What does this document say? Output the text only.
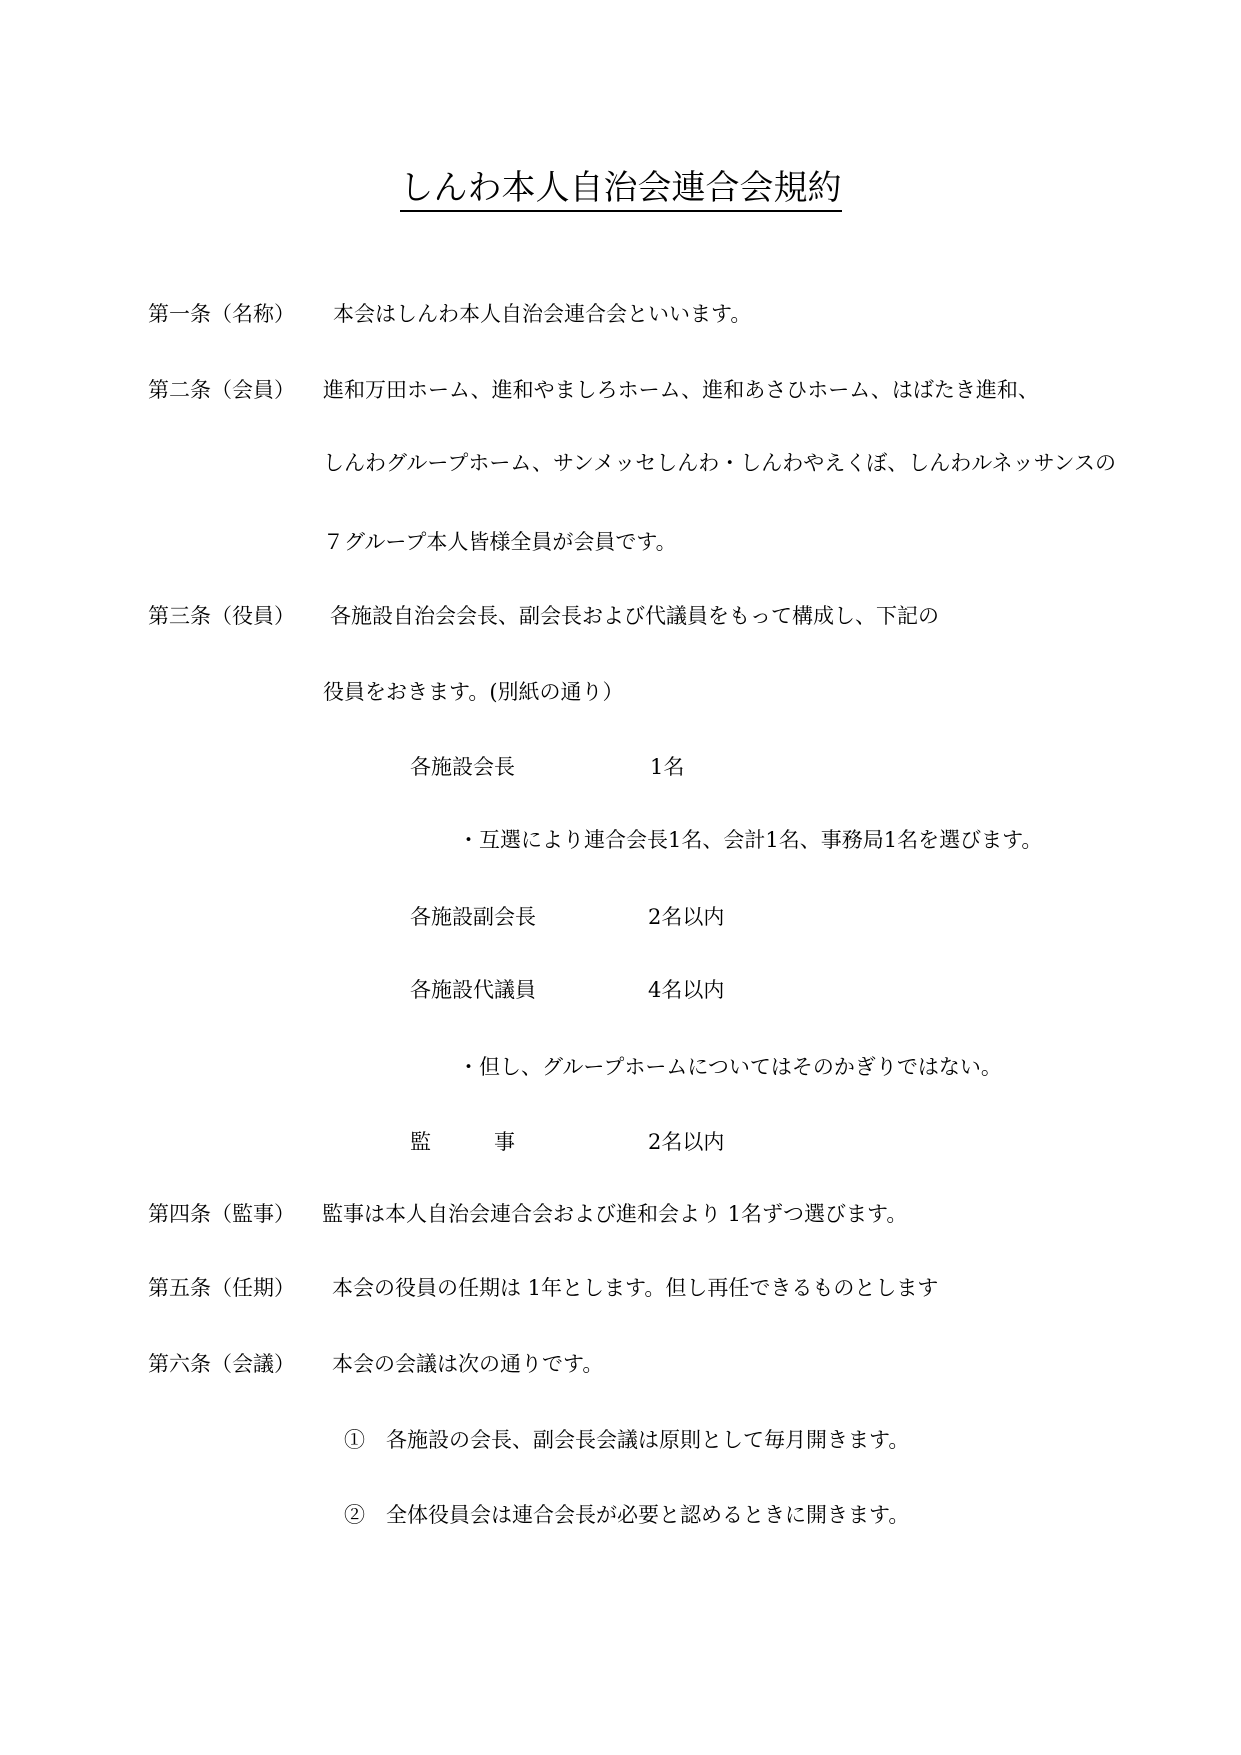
しんわ本人自治会連合会規約
第一条（名称） 本会はしんわ本人自治会連合会といいます。
第二条（会員） 進和万田ホーム、進和やましろホーム、進和あさひホーム、はばたき進和、
しんわグループホーム、サンメッセしんわ・しんわやえくぼ、しんわルネッサンスの
７グループ本人皆様全員が会員です。
第三条（役員） 各施設自治会会長、副会長および代議員をもって構成し、下記の
役員をおきます。(別紙の通り）
各施設会長	1名
・互選により連合会長1名、会計1名、事務局1名を選びます。
各施設副会長	2名以内
各施設代議員	4名以内
・但し、グループホームについてはそのかぎりではない。
監　　　事	2名以内
第四条（監事） 監事は本人自治会連合会および進和会より 1名ずつ選びます。
第五条（任期） 本会の役員の任期は 1年とします。但し再任できるものとします
第六条（会議） 本会の会議は次の通りです。
①　各施設の会長、副会長会議は原則として毎月開きます。
②　全体役員会は連合会長が必要と認めるときに開きます。
